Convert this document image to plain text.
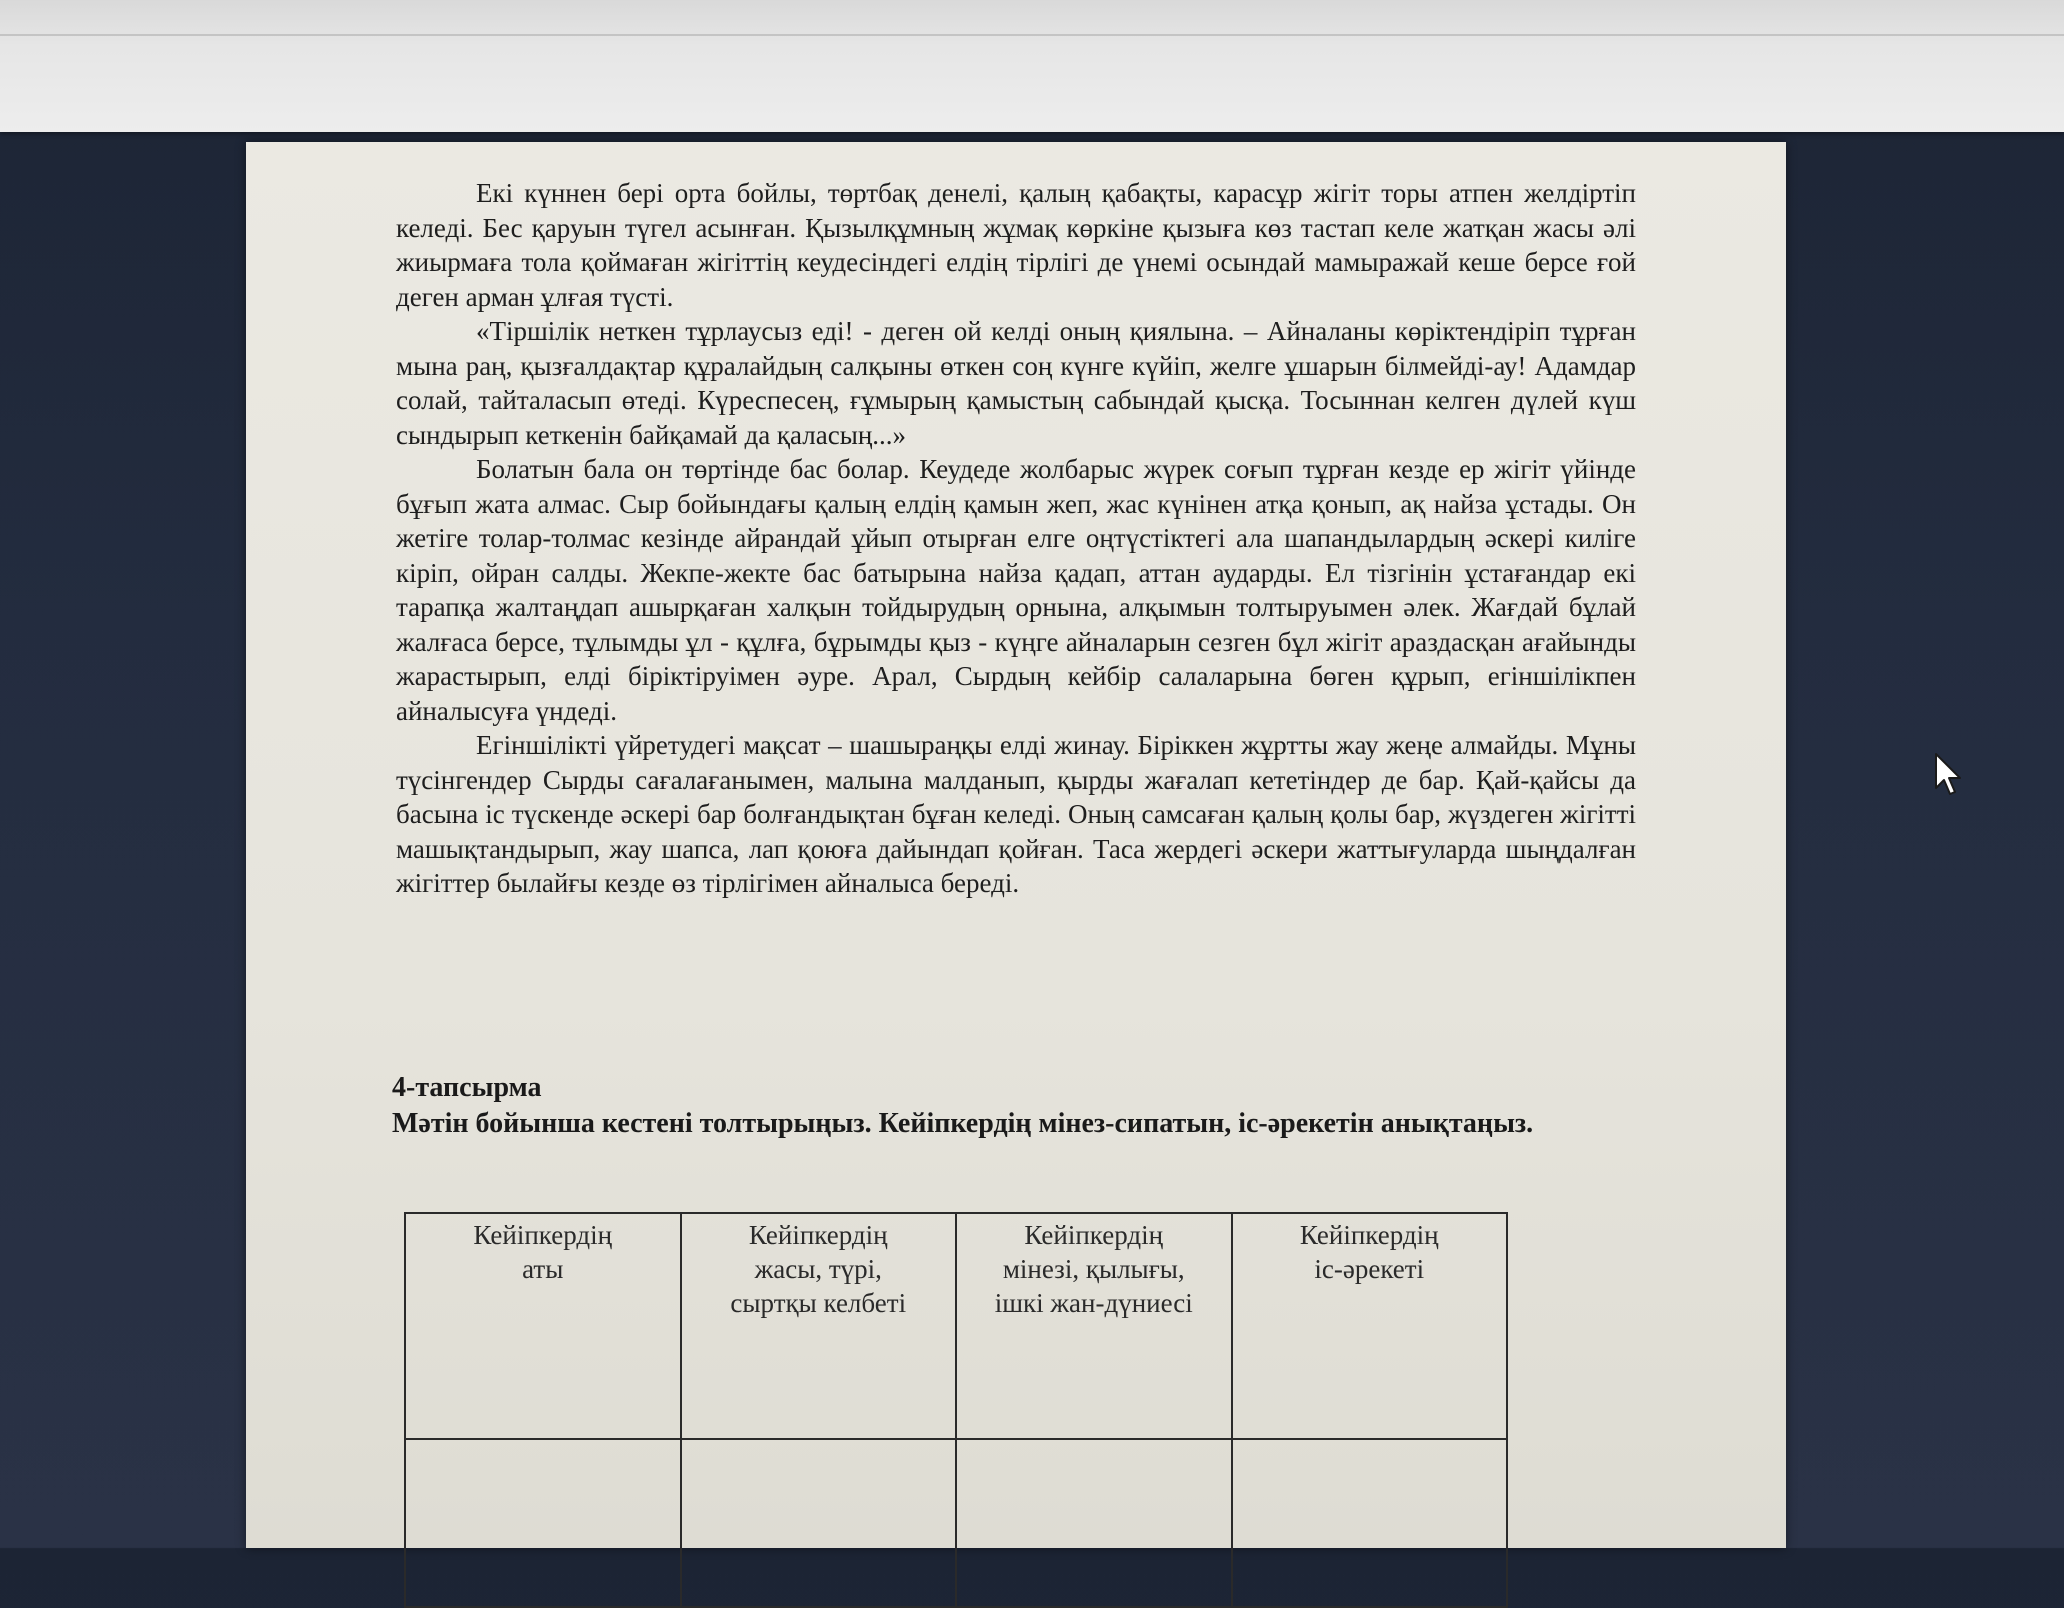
Екі күннен бері орта бойлы, төртбақ денелі, қалың қабақты, карасұр жігіт торы атпен желдіртіп келеді. Бес қаруын түгел асынған. Қызылқұмның жұмақ көркіне қызыға көз тастап келе жатқан жасы әлі жиырмаға тола қоймаған жігіттің кеудесіндегі елдің тірлігі де үнемі осындай мамыражай кеше берсе ғой деген арман ұлғая түсті.

«Тіршілік неткен тұрлаусыз еді! - деген ой келді оның қиялына. – Айналаны көріктендіріп тұрған мына раң, қызғалдақтар құралайдың салқыны өткен соң күнге күйіп, желге ұшарын білмейді-ау! Адамдар солай, тайталасып өтеді. Күреспесең, ғұмырың қамыстың сабындай қысқа. Тосыннан келген дүлей күш сындырып кеткенін байқамай да қаласың...»

Болатын бала он төртінде бас болар. Кеудеде жолбарыс жүрек соғып тұрған кезде ер жігіт үйінде бұғып жата алмас. Сыр бойындағы қалың елдің қамын жеп, жас күнінен атқа қонып, ақ найза ұстады. Он жетіге толар-толмас кезінде айрандай ұйып отырған елге оңтүстіктегі ала шапандылардың әскері киліге кіріп, ойран салды. Жекпе-жекте бас батырына найза қадап, аттан аударды. Ел тізгінін ұстағандар екі тарапқа жалтаңдап ашырқаған халқын тойдырудың орнына, алқымын толтыруымен әлек. Жағдай бұлай жалғаса берсе, тұлымды ұл - құлға, бұрымды қыз - күңге айналарын сезген бұл жігіт араздасқан ағайынды жарастырып, елді біріктіруімен әуре. Арал, Сырдың кейбір салаларына бөген құрып, егіншілікпен айналысуға үндеді.

Егіншілікті үйретудегі мақсат – шашыраңқы елді жинау. Біріккен жұртты жау жеңе алмайды. Мұны түсінгендер Сырды сағалағанымен, малына малданып, қырды жағалап кететіндер де бар. Қай-қайсы да басына іс түскенде әскері бар болғандықтан бұған келеді. Оның самсаған қалың қолы бар, жүздеген жігітті машықтандырып, жау шапса, лап қоюға дайындап қойған. Таса жердегі әскери жаттығуларда шыңдалған жігіттер былайғы кезде өз тірлігімен айналыса береді.

4-тапсырма
Мәтін бойынша кестені толтырыңыз. Кейіпкердің мінез-сипатын, іс-әрекетін анықтаңыз.
Кейіпкердің
аты	Кейіпкердің
жасы, түрі,
сыртқы келбеті	Кейіпкердің
мінезі, қылығы,
ішкі жан-дүниесі	Кейіпкердің
іс-әрекеті
